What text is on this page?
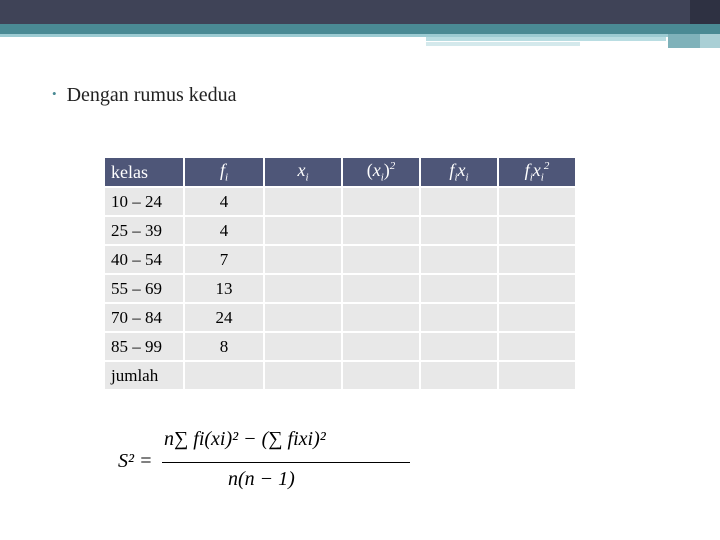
• Dengan rumus kedua
kelas	$f_i$	$x_i$	$(x_i)^2$	$f_ix_i$	$f_ix_i^2$
10 – 24	4				
25 – 39	4				
40 – 54	7				
55 – 69	13				
70 – 84	24				
85 – 99	8				
jumlah					
S² =
n∑ fi(xi)² − (∑ fixi)²
n(n − 1)
